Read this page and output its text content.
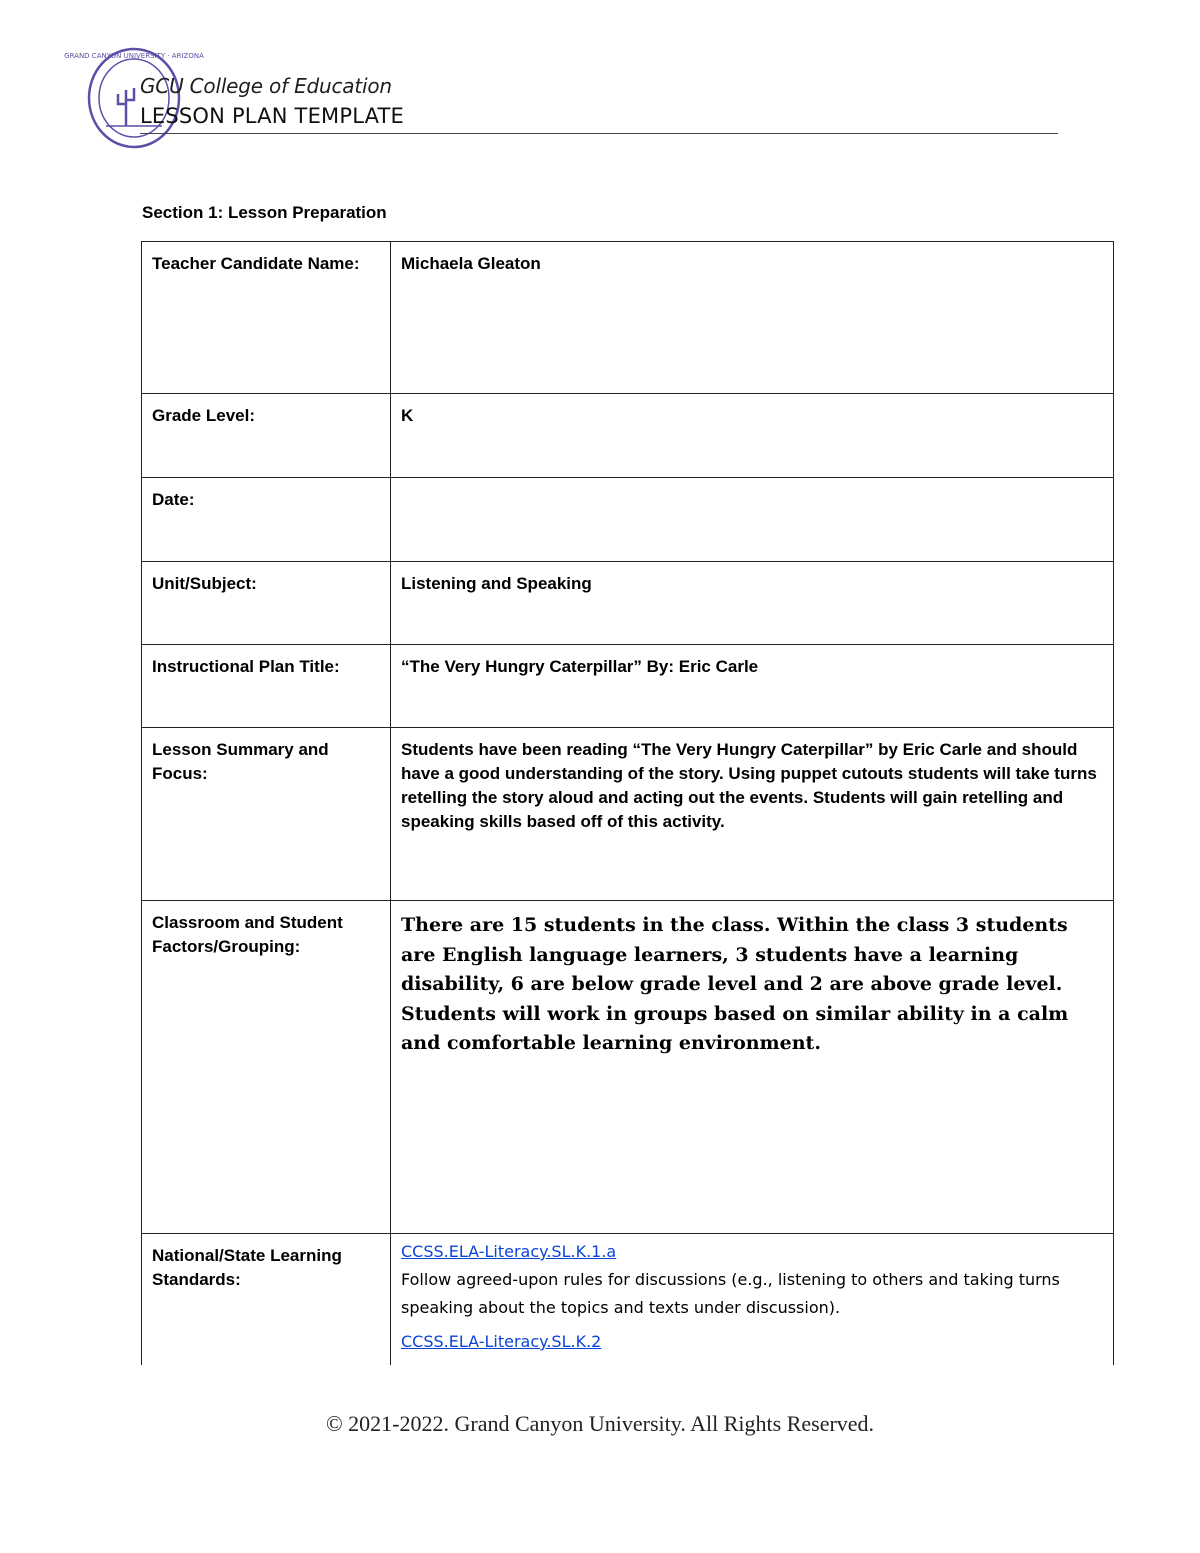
GRAND CANYON UNIVERSITY · ARIZONA
GCU College of Education
LESSON PLAN TEMPLATE
Section 1: Lesson Preparation
Teacher Candidate Name:	Michaela Gleaton
Grade Level:	K
Date:	
Unit/Subject:	Listening and Speaking
Instructional Plan Title:	“The Very Hungry Caterpillar” By: Eric Carle
Lesson Summary and Focus:	Students have been reading “The Very Hungry Caterpillar” by Eric Carle and should have a good understanding of the story. Using puppet cutouts students will take turns retelling the story aloud and acting out the events. Students will gain retelling and speaking skills based off of this activity.
Classroom and Student Factors/Grouping:	There are 15 students in the class. Within the class 3 students are English language learners, 3 students have a learning disability, 6 are below grade level and 2 are above grade level. Students will work in groups based on similar ability in a calm and comfortable learning environment.
National/State Learning Standards:	CCSS.ELA-Literacy.SL.K.1.a
Follow agreed-upon rules for discussions (e.g., listening to others and taking turns speaking about the topics and texts under discussion).
CCSS.ELA-Literacy.SL.K.2
© 2021-2022. Grand Canyon University. All Rights Reserved.
